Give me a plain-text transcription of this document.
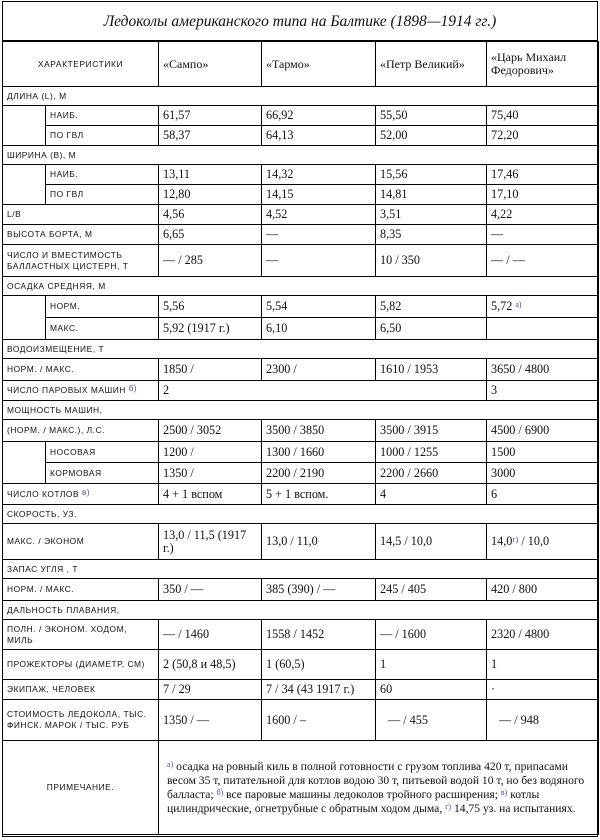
Ледоколы американского типа на Балтике (1898—1914 гг.)
ХАРАКТЕРИСТИКИ		«Сампо»	«Тармо»	«Петр Великий»	«Царь Михаил Федорович»
ДЛИНА (L), М					
	НАИБ.	61,57	66,92	55,50	75,40
	ПО ГВЛ	58,37	64,13	52,00	72,20
ШИРИНА (В), М					
	НАИБ.	13,11	14,32	15,56	17,46
	ПО ГВЛ	12,80	14,15	14,81	17,10
L/B		4,56	4,52	3,51	4,22
ВЫСОТА БОРТА, М		6,65	—	8,35	—
ЧИСЛО И ВМЕСТИМОСТЬ БАЛЛАСТНЫХ ЦИСТЕРН, Т		— / 285	—	10 / 350	— / —
ОСАДКА СРЕДНЯЯ, М					
	НОРМ.	5,56	5,54	5,82	5,72 $^{а)}$
	МАКС.	5,92 (1917 г.)	6,10	6,50	
ВОДОИЗМЕЩЕНИЕ, Т					
НОРМ. / МАКС.		1850 /	2300 /	1610 / 1953	3650 / 4800
ЧИСЛО ПАРОВЫХ МАШИН б)		2			3
МОЩНОСТЬ МАШИН,					
(НОРМ. / МАКС.), Л.С.		2500 / 3052	3500 / 3850	3500 / 3915	4500 / 6900
	НОСОВАЯ	1200 /	1300 / 1660	1000 / 1255	1500
	КОРМОВАЯ	1350 /	2200 / 2190	2200 / 2660	3000
ЧИСЛО КОТЛОВ в)		4 + 1 вспом	5 + 1 вспом.	4	6
СКОРОСТЬ, УЗ.					
МАКС. / ЭКОНОМ		13,0 / 11,5 (1917 г.)	13,0 / 11,0	14,5 / 10,0	$14,0^{г)} / 10,0$
ЗАПАС УГЛЯ , Т					
НОРМ. / МАКС.		350 / —	385 (390) / —	245 / 405	420 / 800
ДАЛЬНОСТЬ ПЛАВАНИЯ,					
ПОЛН. / ЭКОНОМ. ХОДОМ, МИЛЬ		— / 1460	1558 / 1452	— / 1600	2320 / 4800
ПРОЖЕКТОРЫ (ДИАМЕТР, СМ)		2 (50,8 и 48,5)	1 (60,5)	1	1
ЭКИПАЖ, ЧЕЛОВЕК		7 / 29	7 / 34 (43 1917 г.)	60	·
СТОИМОСТЬ ЛЕДОКОЛА, ТЫС. ФИНСК. МАРОК / ТЫС. РУБ		1350 / —	1600 / –	— / 455	— / 948
ПРИМЕЧАНИЕ.		$^{а)}$ осадка на ровный киль в полной готовности с грузом топлива 420 т, припасами весом 35 т, питательной для котлов водою 30 т, питьевой водой 10 т, но без водяного балласта; $^{б)}$ все паровые машины ледоколов тройного расширения; $^{в)}$ котлы цилиндрические, огнетрубные с обратным ходом дыма, $^{г)}$ 14,75 уз. на испытаниях.			
